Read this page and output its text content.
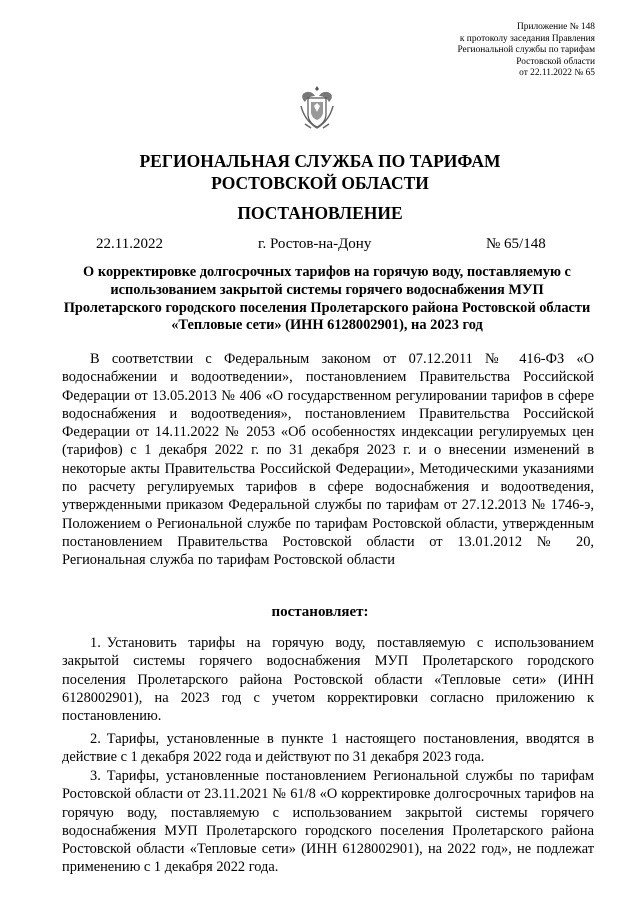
Приложение № 148
к протоколу заседания Правления
Региональной службы по тарифам
Ростовской области
от 22.11.2022 № 65
РЕГИОНАЛЬНАЯ СЛУЖБА ПО ТАРИФАМ
РОСТОВСКОЙ ОБЛАСТИ
ПОСТАНОВЛЕНИЕ
22.11.2022	г. Ростов-на-Дону	№ 65/148
О корректировке долгосрочных тарифов на горячую воду, поставляемую с использованием закрытой системы горячего водоснабжения МУП Пролетарского городского поселения Пролетарского района Ростовской области «Тепловые сети» (ИНН 6128002901), на 2023 год
В соответствии с Федеральным законом от 07.12.2011 № 416-ФЗ «О водоснабжении и водоотведении», постановлением Правительства Российской Федерации от 13.05.2013 № 406 «О государственном регулировании тарифов в сфере водоснабжения и водоотведения», постановлением Правительства Российской Федерации от 14.11.2022 № 2053 «Об особенностях индексации регулируемых цен (тарифов) с 1 декабря 2022 г. по 31 декабря 2023 г. и о внесении изменений в некоторые акты Правительства Российской Федерации», Методическими указаниями по расчету регулируемых тарифов в сфере водоснабжения и водоотведения, утвержденными приказом Федеральной службы по тарифам от 27.12.2013 № 1746-э, Положением о Региональной службе по тарифам Ростовской области, утвержденным постановлением Правительства Ростовской области от 13.01.2012 № 20, Региональная служба по тарифам Ростовской области
постановляет:
1. Установить тарифы на горячую воду, поставляемую с использованием закрытой системы горячего водоснабжения МУП Пролетарского городского поселения Пролетарского района Ростовской области «Тепловые сети» (ИНН 6128002901), на 2023 год с учетом корректировки согласно приложению к постановлению.
2. Тарифы, установленные в пункте 1 настоящего постановления, вводятся в действие с 1 декабря 2022 года и действуют по 31 декабря 2023 года.
3. Тарифы, установленные постановлением Региональной службы по тарифам Ростовской области от 23.11.2021 № 61/8 «О корректировке долгосрочных тарифов на горячую воду, поставляемую с использованием закрытой системы горячего водоснабжения МУП Пролетарского городского поселения Пролетарского района Ростовской области «Тепловые сети» (ИНН 6128002901), на 2022 год», не подлежат применению с 1 декабря 2022 года.
